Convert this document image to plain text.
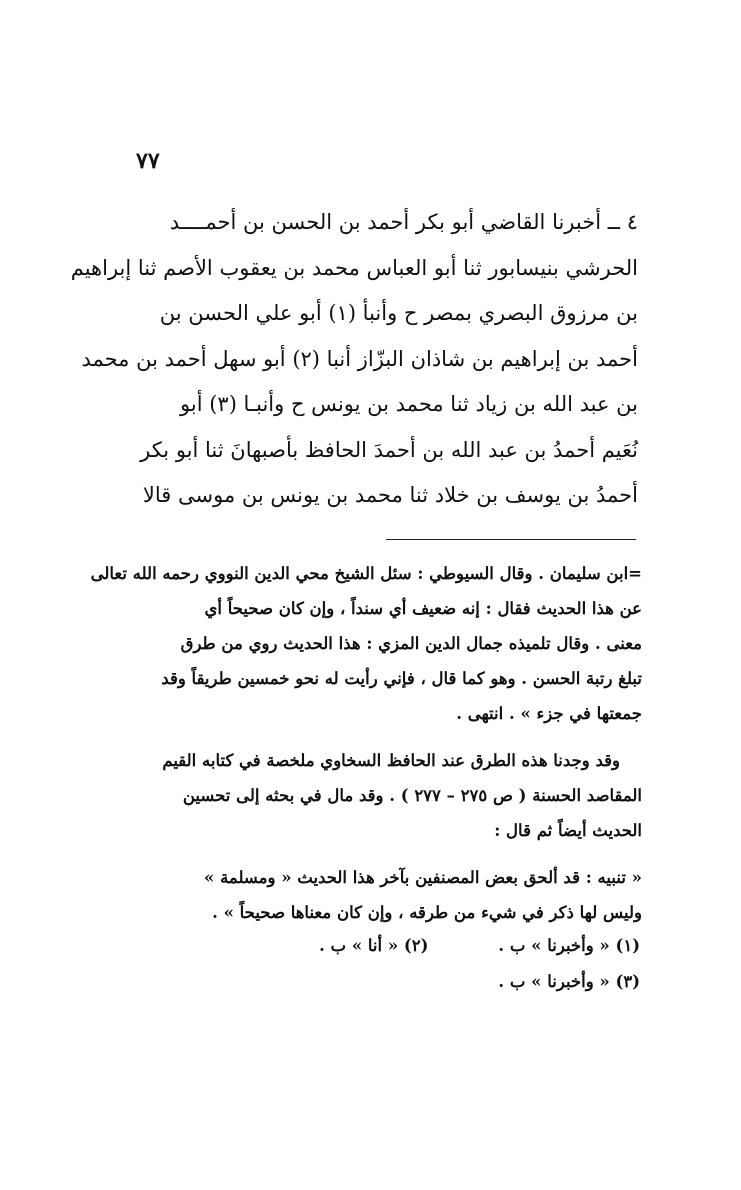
٧٧
٤ ــ أخبرنا القاضي أبو بكر أحمد بن الحسن بن أحمــــد
الحرشي بنيسابور ثنا أبو العباس محمد بن يعقوب الأصم ثنا إبراهيم
بن مرزوق البصري بمصر ح وأنبأ (١) أبو علي الحسن بن
أحمد بن إبراهيم بن شاذان البزّاز أنبا (٢) أبو سهل أحمد بن محمد
بن عبد الله بن زياد ثنا محمد بن يونس ح وأنبـا (٣) أبو
نُعَيم أحمدُ بن عبد الله بن أحمدَ الحافظ بأصبهانَ ثنا أبو بكر
أحمدُ بن يوسف بن خلاد ثنا محمد بن يونس بن موسى قالا
=ابن سليمان . وقال السيوطي : سئل الشيخ محي الدين النووي رحمه الله تعالى
عن هذا الحديث فقال : إنه ضعيف أي سنداً ، وإن كان صحيحاً أي
معنى . وقال تلميذه جمال الدين المزي : هذا الحديث روي من طرق
تبلغ رتبة الحسن . وهو كما قال ، فإني رأيت له نحو خمسين طريقاً وقد
جمعتها في جزء » . انتهى .
وقد وجدنا هذه الطرق عند الحافظ السخاوي ملخصة في كتابه القيم
المقاصد الحسنة ( ص ٢٧٥ – ٢٧٧ ) . وقد مال في بحثه إلى تحسين
الحديث أيضاً ثم قال :
« تنبيه : قد ألحق بعض المصنفين بآخر هذا الحديث « ومسلمة »
وليس لها ذكر في شيء من طرقه ، وإن كان معناها صحيحاً » .
(١) « وأخبرنا » ب .
(٢) « أنا » ب .
(٣) « وأخبرنا » ب .
